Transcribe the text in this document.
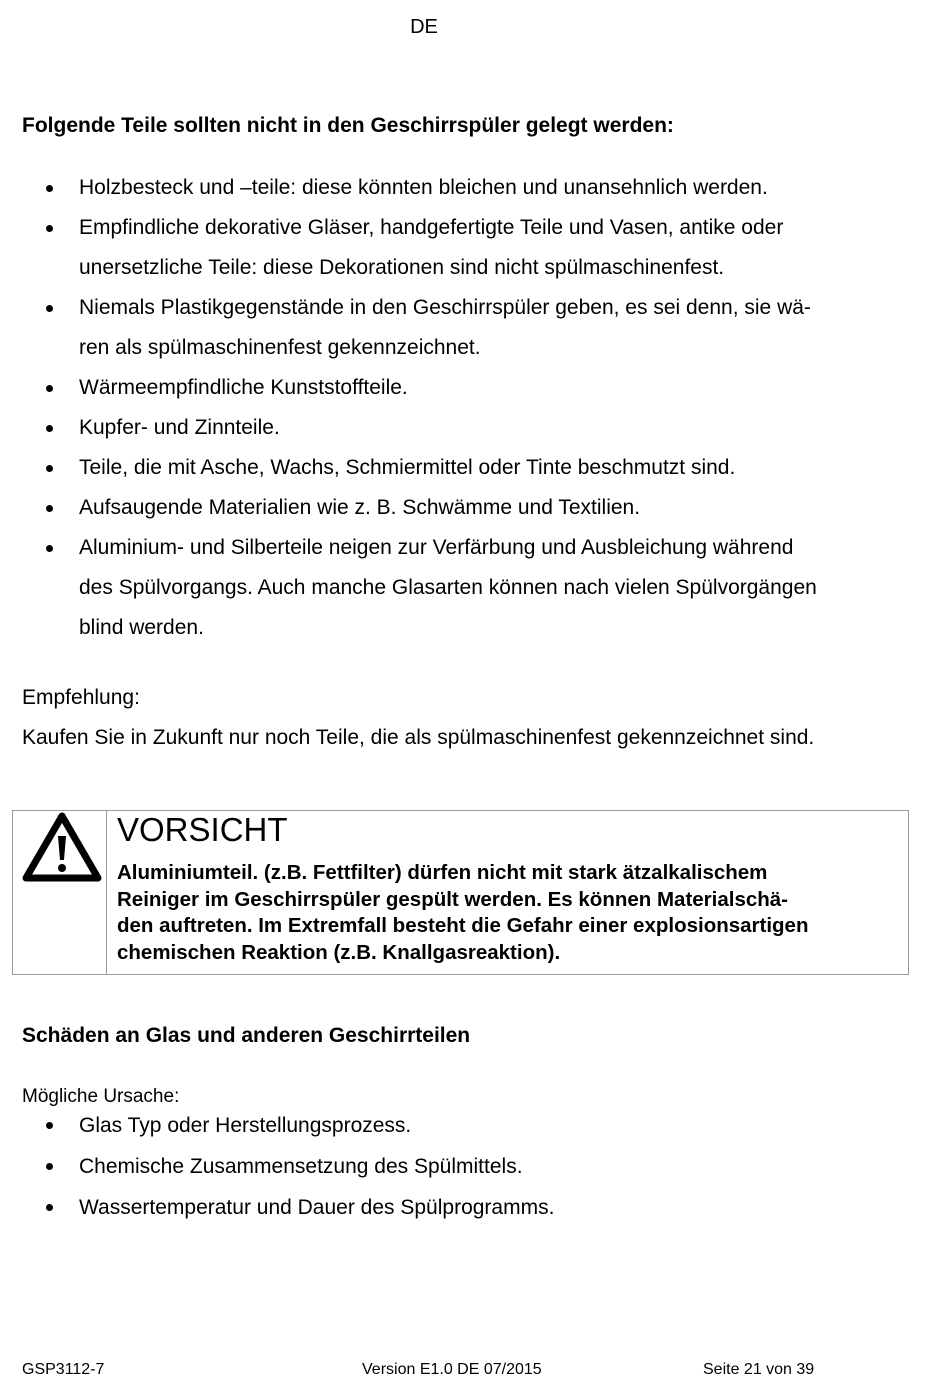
DE
Folgende Teile sollten nicht in den Geschirrspüler gelegt werden:
Holzbesteck und –teile: diese könnten bleichen und unansehnlich werden.
Empfindliche dekorative Gläser, handgefertigte Teile und Vasen, antike oder
unersetzliche Teile: diese Dekorationen sind nicht spülmaschinenfest.
Niemals Plastikgegenstände in den Geschirrspüler geben, es sei denn, sie wä-
ren als spülmaschinenfest gekennzeichnet.
Wärmeempfindliche Kunststoffteile.
Kupfer- und Zinnteile.
Teile, die mit Asche, Wachs, Schmiermittel oder Tinte beschmutzt sind.
Aufsaugende Materialien wie z. B. Schwämme und Textilien.
Aluminium- und Silberteile neigen zur Verfärbung und Ausbleichung während
des Spülvorgangs. Auch manche Glasarten können nach vielen Spülvorgängen
blind werden.
Empfehlung:
Kaufen Sie in Zukunft nur noch Teile, die als spülmaschinenfest gekennzeichnet sind.
VORSICHT
Aluminiumteil. (z.B. Fettfilter) dürfen nicht mit stark ätzalkalischem
Reiniger im Geschirrspüler gespült werden. Es können Materialschä-
den auftreten. Im Extremfall besteht die Gefahr einer explosionsartigen
chemischen Reaktion (z.B. Knallgasreaktion).
Schäden an Glas und anderen Geschirrteilen
Mögliche Ursache:
Glas Typ oder Herstellungsprozess.
Chemische Zusammensetzung des Spülmittels.
Wassertemperatur und Dauer des Spülprogramms.
GSP3112-7	Version E1.0 DE 07/2015	Seite 21 von 39
